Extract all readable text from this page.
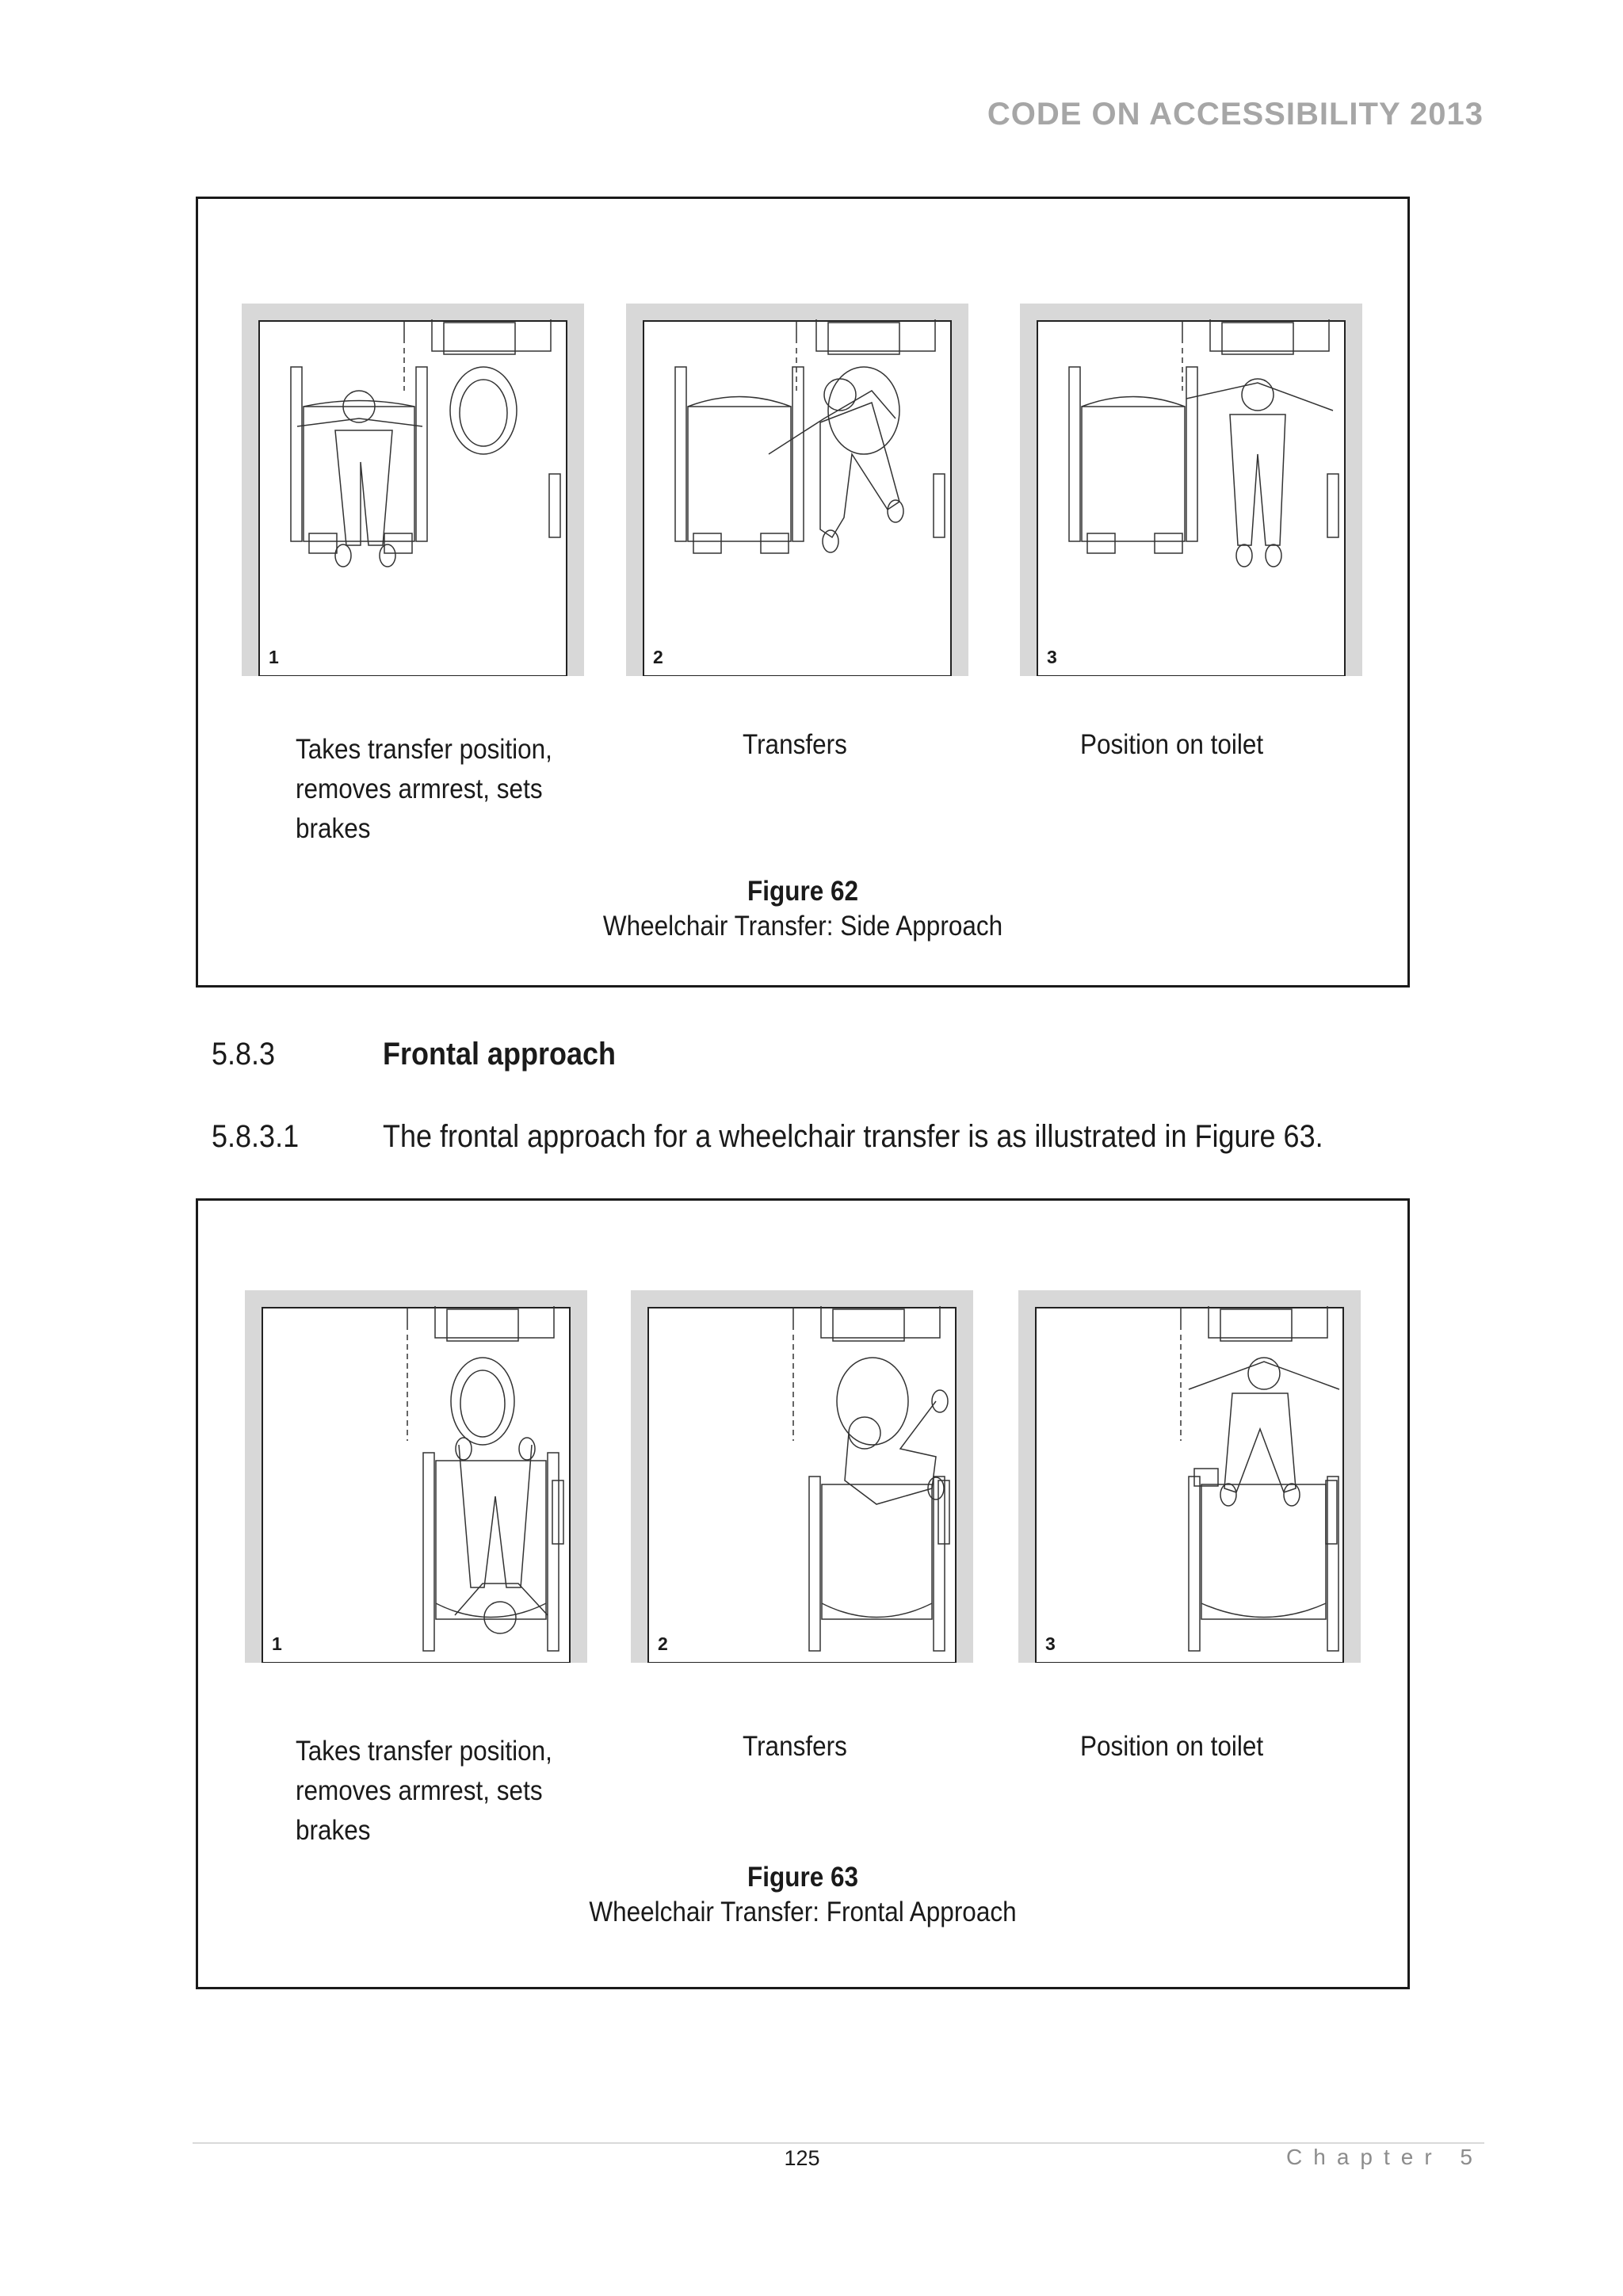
CODE ON ACCESSIBILITY 2013
1	2	3
Takes transfer position,
removes armrest, sets
brakes
Transfers	Position on toilet
Figure 62
Wheelchair Transfer: Side Approach
5.8.3	Frontal approach
5.8.3.1	The frontal approach for a wheelchair transfer is as illustrated in Figure 63.
1	2	3
Takes transfer position,
removes armrest, sets
brakes
Transfers	Position on toilet
Figure 63
Wheelchair Transfer: Frontal Approach
125	Chapter 5
